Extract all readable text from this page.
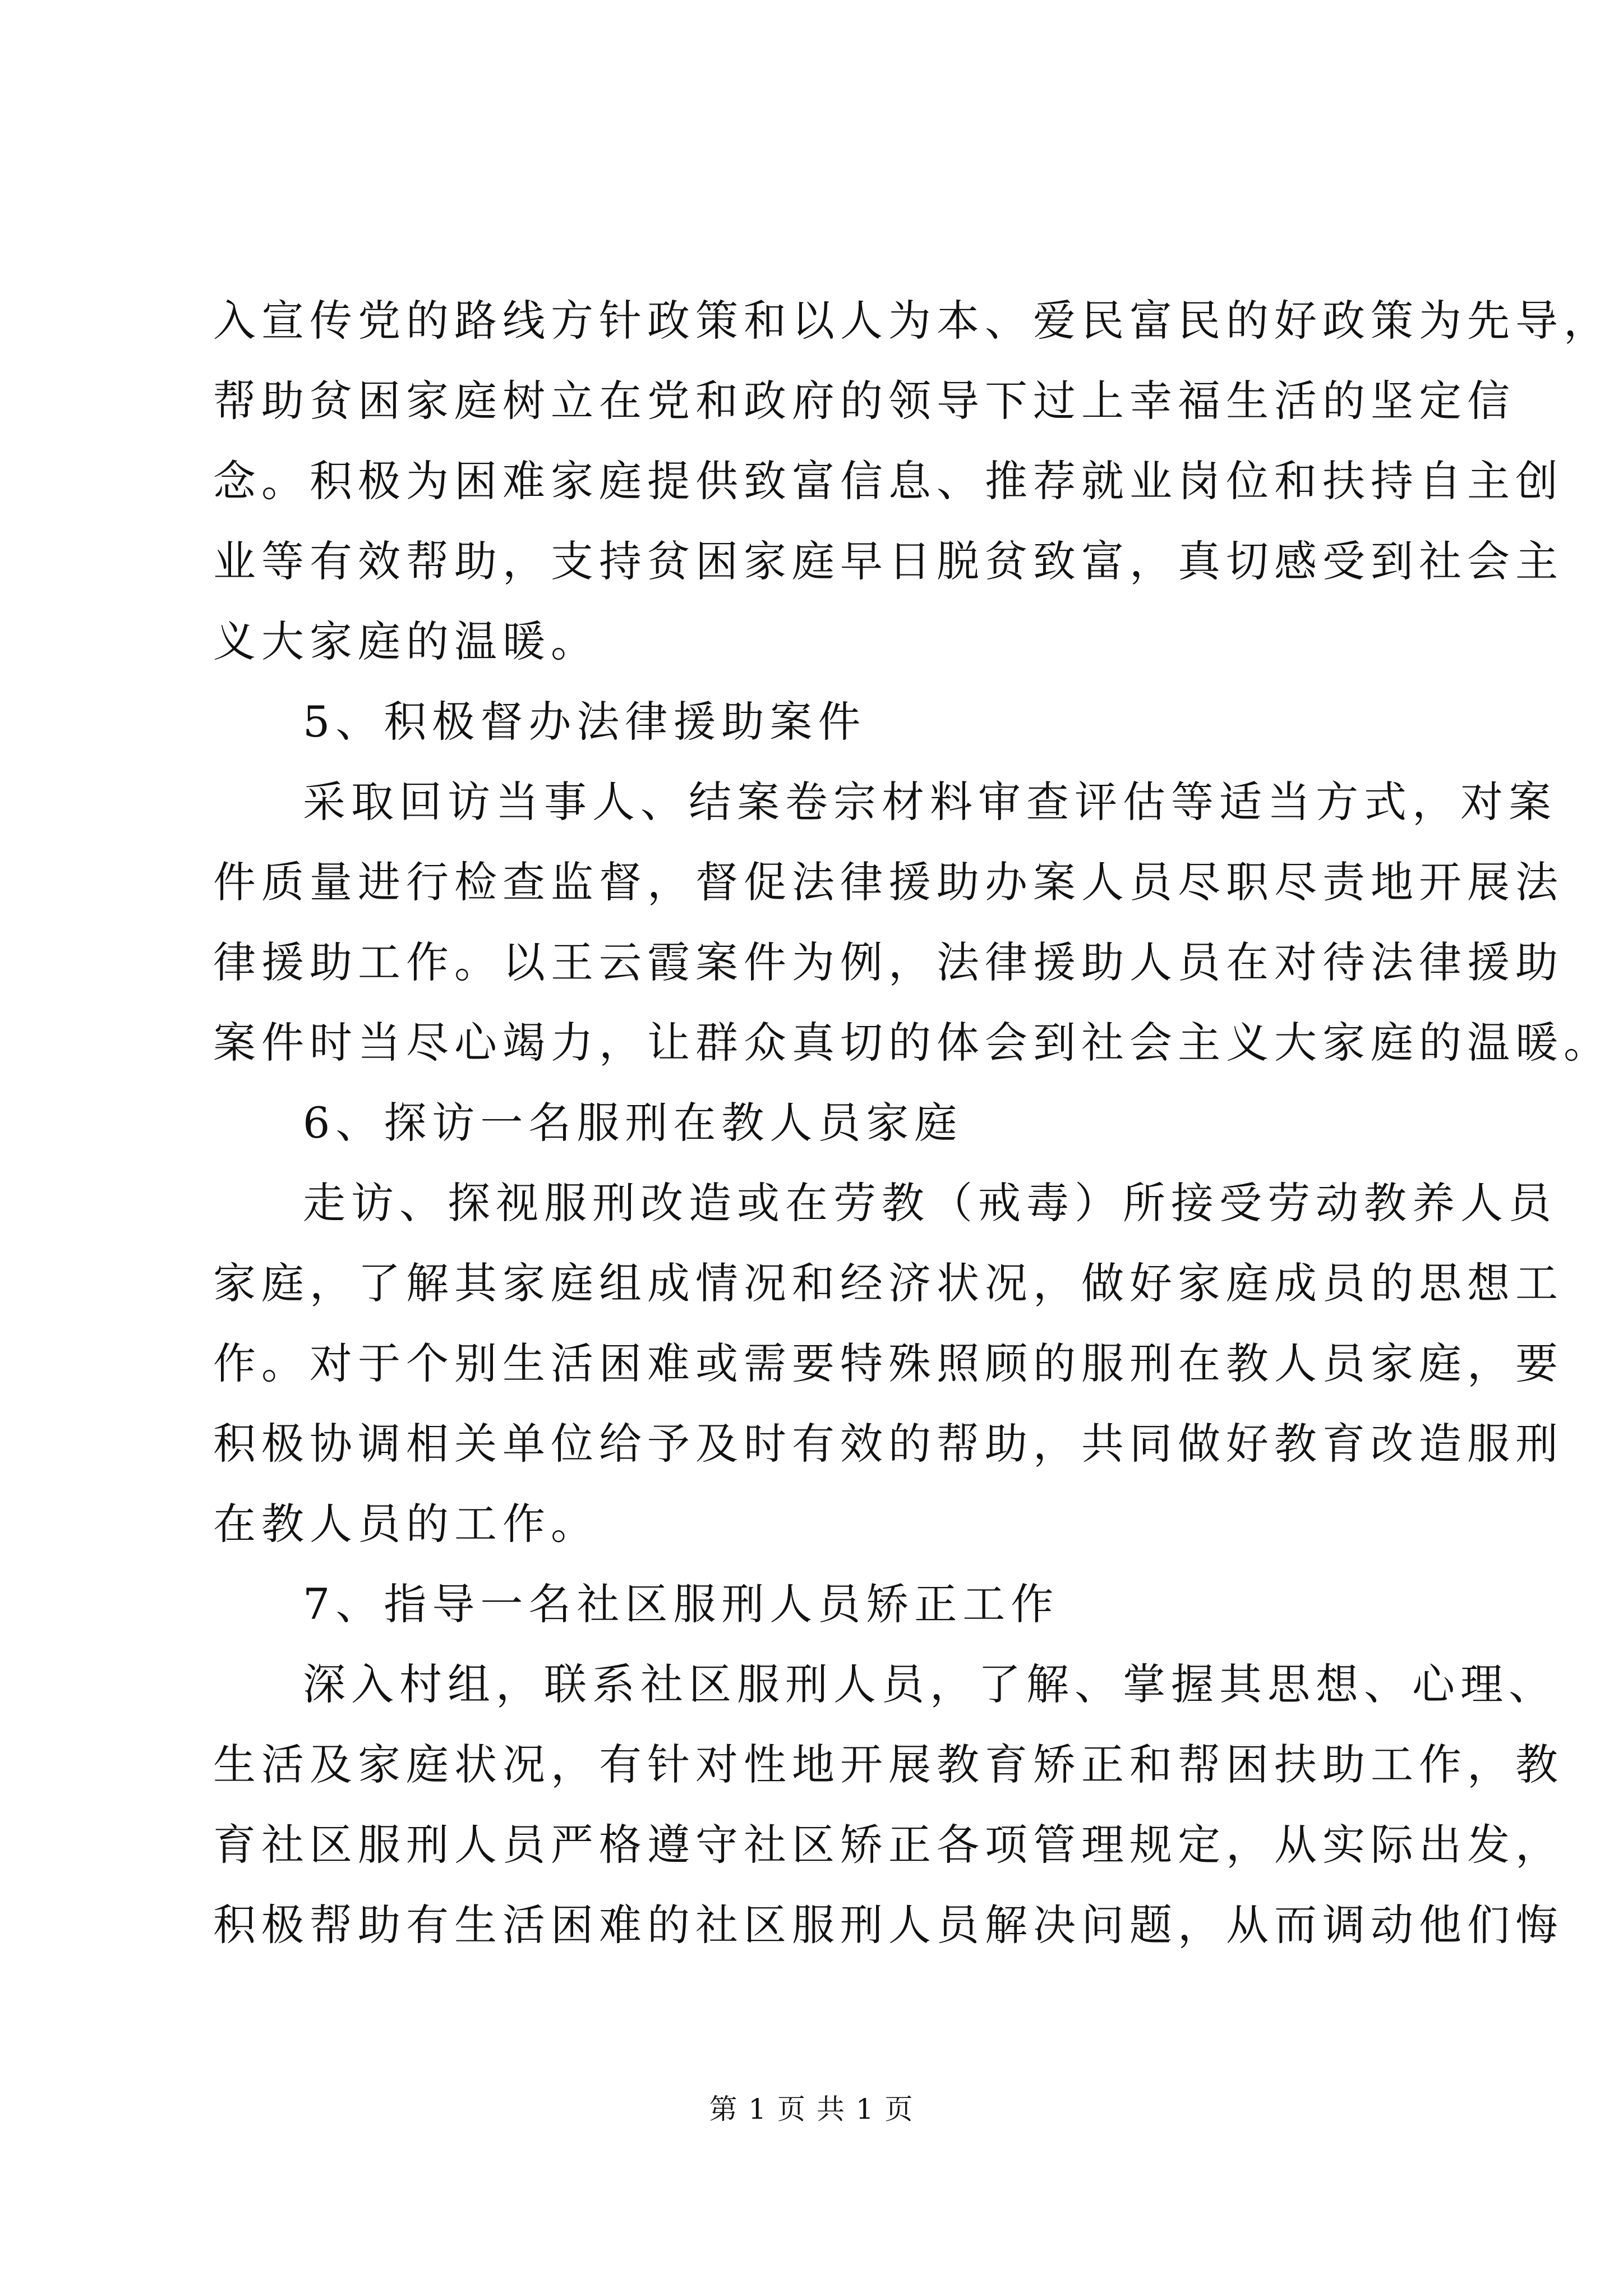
入宣传党的路线方针政策和以人为本、爱民富民的好政策为先导，
帮助贫困家庭树立在党和政府的领导下过上幸福生活的坚定信
念。积极为困难家庭提供致富信息、推荐就业岗位和扶持自主创
业等有效帮助，支持贫困家庭早日脱贫致富，真切感受到社会主
义大家庭的温暖。
5、积极督办法律援助案件
采取回访当事人、结案卷宗材料审查评估等适当方式，对案
件质量进行检查监督，督促法律援助办案人员尽职尽责地开展法
律援助工作。以王云霞案件为例，法律援助人员在对待法律援助
案件时当尽心竭力，让群众真切的体会到社会主义大家庭的温暖。
6、探访一名服刑在教人员家庭
走访、探视服刑改造或在劳教（戒毒）所接受劳动教养人员
家庭，了解其家庭组成情况和经济状况，做好家庭成员的思想工
作。对于个别生活困难或需要特殊照顾的服刑在教人员家庭，要
积极协调相关单位给予及时有效的帮助，共同做好教育改造服刑
在教人员的工作。
7、指导一名社区服刑人员矫正工作
深入村组，联系社区服刑人员，了解、掌握其思想、心理、
生活及家庭状况，有针对性地开展教育矫正和帮困扶助工作，教
育社区服刑人员严格遵守社区矫正各项管理规定，从实际出发，
积极帮助有生活困难的社区服刑人员解决问题，从而调动他们悔
第 1 页 共 1 页
